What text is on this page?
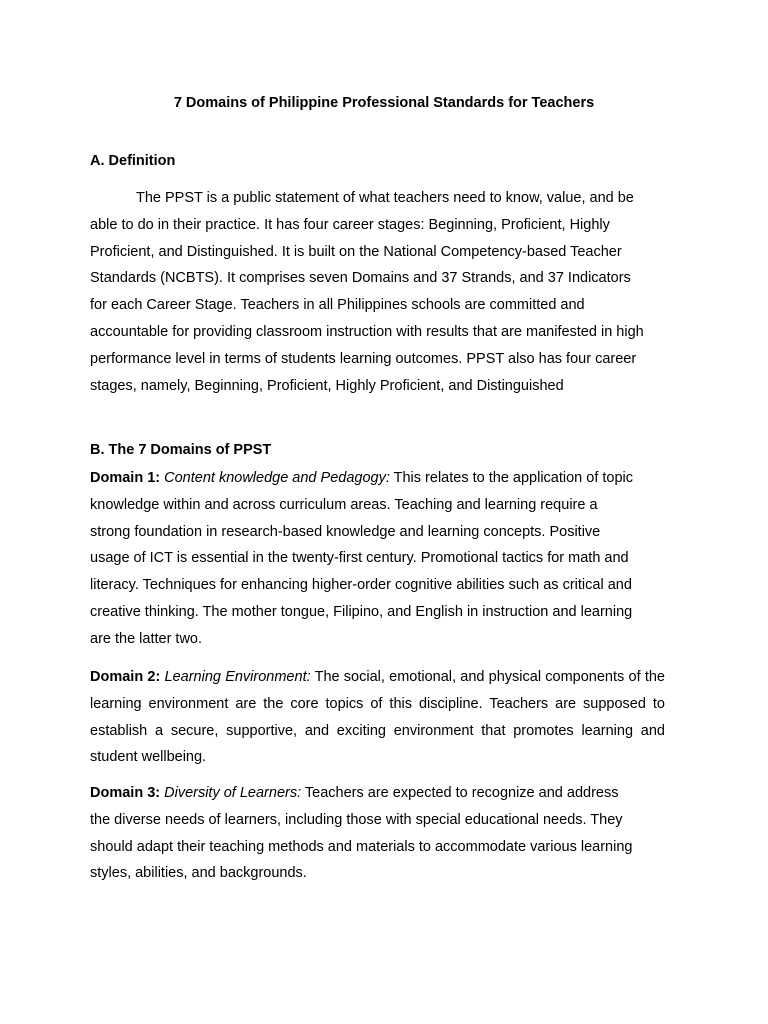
7 Domains of Philippine Professional Standards for Teachers
A. Definition
The PPST is a public statement of what teachers need to know, value, and be
able to do in their practice. It has four career stages: Beginning, Proficient, Highly
Proficient, and Distinguished. It is built on the National Competency-based Teacher
Standards (NCBTS). It comprises seven Domains and 37 Strands, and 37 Indicators
for each Career Stage. Teachers in all Philippines schools are committed and
accountable for providing classroom instruction with results that are manifested in high
performance level in terms of students learning outcomes. PPST also has four career
stages, namely, Beginning, Proficient, Highly Proficient, and Distinguished
B. The 7 Domains of PPST
Domain 1: Content knowledge and Pedagogy: This relates to the application of topic
knowledge within and across curriculum areas. Teaching and learning require a
strong foundation in research-based knowledge and learning concepts. Positive
usage of ICT is essential in the twenty-first century. Promotional tactics for math and
literacy. Techniques for enhancing higher-order cognitive abilities such as critical and
creative thinking. The mother tongue, Filipino, and English in instruction and learning
are the latter two.

Domain 2: Learning Environment: The social, emotional, and physical components of the learning environment are the core topics of this discipline. Teachers are supposed to establish a secure, supportive, and exciting environment that promotes learning and student wellbeing.

Domain 3: Diversity of Learners: Teachers are expected to recognize and address
the diverse needs of learners, including those with special educational needs. They
should adapt their teaching methods and materials to accommodate various learning
styles, abilities, and backgrounds.
